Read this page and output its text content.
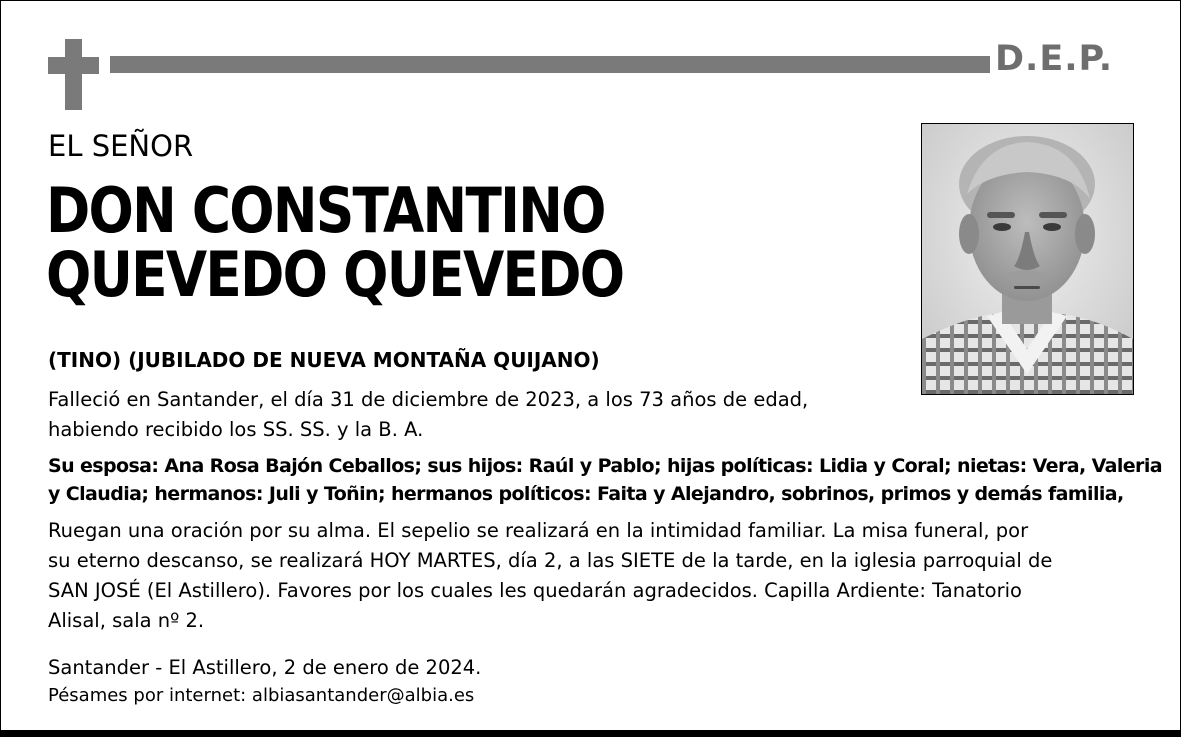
D.E.P.
EL SEÑOR
DON CONSTANTINO
QUEVEDO QUEVEDO
(TINO) (JUBILADO DE NUEVA MONTAÑA QUIJANO)
Falleció en Santander, el día 31 de diciembre de 2023, a los 73 años de edad,
habiendo recibido los SS. SS. y la B. A.
Su esposa: Ana Rosa Bajón Ceballos; sus hijos: Raúl y Pablo; hijas políticas: Lidia y Coral; nietas: Vera, Valeria
y Claudia; hermanos: Juli y Toñin; hermanos políticos: Faita y Alejandro, sobrinos, primos y demás familia,
Ruegan una oración por su alma. El sepelio se realizará en la intimidad familiar. La misa funeral, por
su eterno descanso, se realizará HOY MARTES, día 2, a las SIETE de la tarde, en la iglesia parroquial de
SAN JOSÉ (El Astillero). Favores por los cuales les quedarán agradecidos. Capilla Ardiente: Tanatorio
Alisal, sala nº 2.
Santander - El Astillero, 2 de enero de 2024.
Pésames por internet: albiasantander@albia.es
